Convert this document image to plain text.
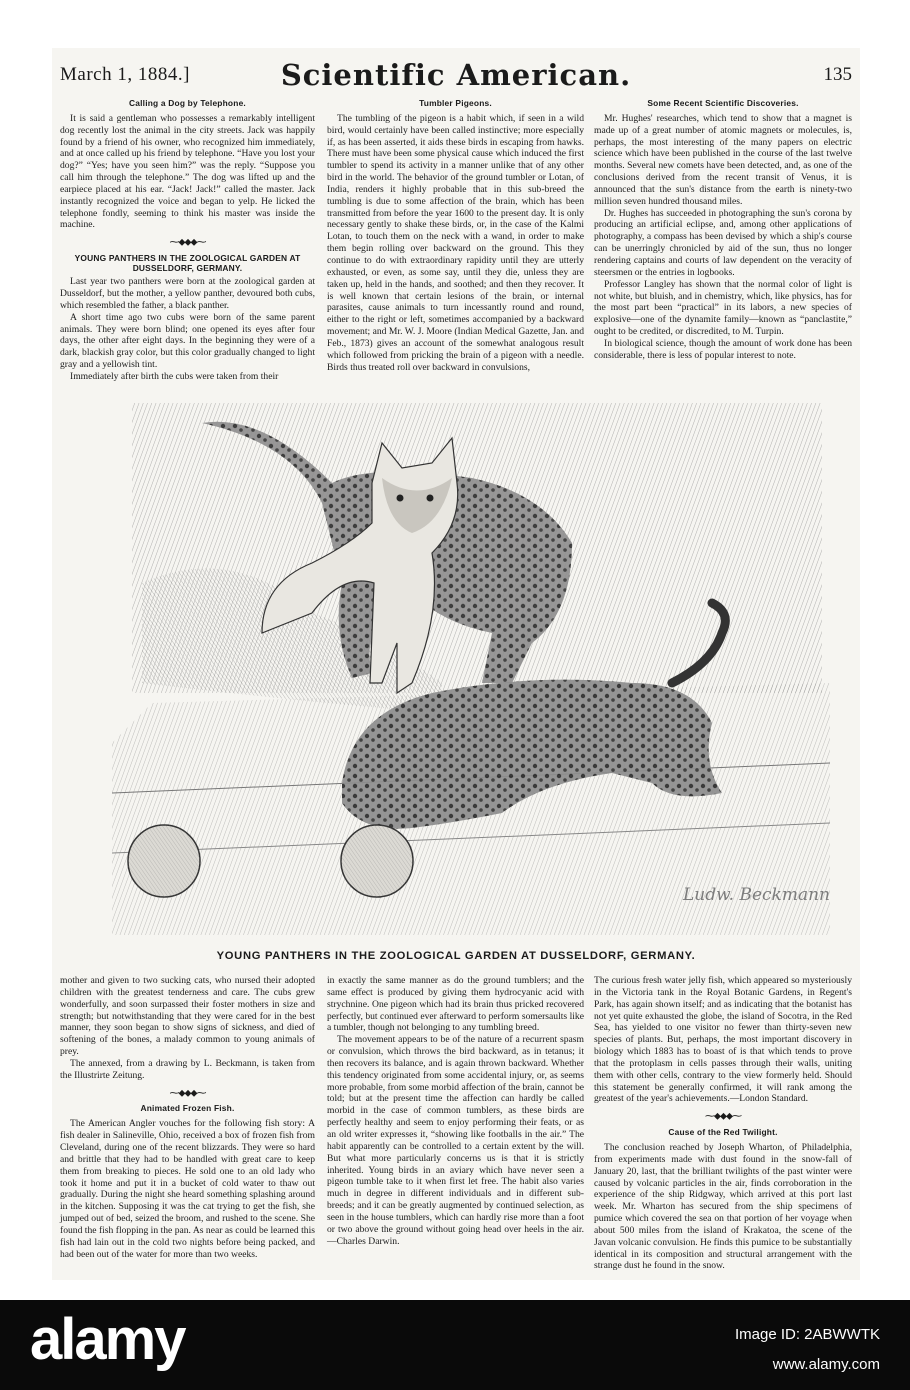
March 1, 1884.]	Scientific American.	135
Calling a Dog by Telephone.

It is said a gentleman who possesses a remarkably intelligent dog recently lost the animal in the city streets. Jack was happily found by a friend of his owner, who recognized him immediately, and at once called up his friend by telephone. “Have you lost your dog?” “Yes; have you seen him?” was the reply. “Suppose you call him through the telephone.” The dog was lifted up and the earpiece placed at his ear. “Jack! Jack!” called the master. Jack instantly recognized the voice and began to yelp. He licked the telephone fondly, seeming to think his master was inside the machine.

⁓⬥⬥⬥⁓
YOUNG PANTHERS IN THE ZOOLOGICAL GARDEN AT DUSSELDORF, GERMANY.

Last year two panthers were born at the zoological garden at Dusseldorf, but the mother, a yellow panther, devoured both cubs, which resembled the father, a black panther.

A short time ago two cubs were born of the same parent animals. They were born blind; one opened its eyes after four days, the other after eight days. In the beginning they were of a dark, blackish gray color, but this color gradually changed to light gray and a yellowish tint.

Immediately after birth the cubs were taken from their

Tumbler Pigeons.

The tumbling of the pigeon is a habit which, if seen in a wild bird, would certainly have been called instinctive; more especially if, as has been asserted, it aids these birds in escaping from hawks. There must have been some physical cause which induced the first tumbler to spend its activity in a manner unlike that of any other bird in the world. The behavior of the ground tumbler or Lotan, of India, renders it highly probable that in this sub-breed the tumbling is due to some affection of the brain, which has been transmitted from before the year 1600 to the present day. It is only necessary gently to shake these birds, or, in the case of the Kalmi Lotan, to touch them on the neck with a wand, in order to make them begin rolling over backward on the ground. This they continue to do with extraordinary rapidity until they are utterly exhausted, or even, as some say, until they die, unless they are taken up, held in the hands, and soothed; and then they recover. It is well known that certain lesions of the brain, or internal parasites, cause animals to turn incessantly round and round, either to the right or left, sometimes accompanied by a backward movement; and Mr. W. J. Moore (Indian Medical Gazette, Jan. and Feb., 1873) gives an account of the somewhat analogous result which followed from pricking the brain of a pigeon with a needle. Birds thus treated roll over backward in convulsions,

Some Recent Scientific Discoveries.

Mr. Hughes' researches, which tend to show that a magnet is made up of a great number of atomic magnets or molecules, is, perhaps, the most interesting of the many papers on electric science which have been published in the course of the last twelve months. Several new comets have been detected, and, as one of the conclusions derived from the recent transit of Venus, it is announced that the sun's distance from the earth is ninety-two million seven hundred thousand miles.

Dr. Hughes has succeeded in photographing the sun's corona by producing an artificial eclipse, and, among other applications of photography, a compass has been devised by which a ship's course can be unerringly chronicled by aid of the sun, thus no longer rendering captains and courts of law dependent on the veracity of steersmen or the entries in logbooks.

Professor Langley has shown that the normal color of light is not white, but bluish, and in chemistry, which, like physics, has for the most part been “practical” in its labors, a new species of explosive—one of the dynamite family—known as “panclastite,” ought to be credited, or discredited, to M. Turpin.

In biological science, though the amount of work done has been considerable, there is less of popular interest to note.

Ludw. Beckmann
YOUNG PANTHERS IN THE ZOOLOGICAL GARDEN AT DUSSELDORF, GERMANY.

mother and given to two sucking cats, who nursed their adopted children with the greatest tenderness and care. The cubs grew wonderfully, and soon surpassed their foster mothers in size and strength; but notwithstanding that they were cared for in the best manner, they soon began to show signs of sickness, and died of softening of the bones, a malady common to young animals of prey.

The annexed, from a drawing by L. Beckmann, is taken from the Illustrirte Zeitung.

⁓⬥⬥⬥⁓
Animated Frozen Fish.

The American Angler vouches for the following fish story: A fish dealer in Salineville, Ohio, received a box of frozen fish from Cleveland, during one of the recent blizzards. They were so hard and brittle that they had to be handled with great care to keep them from breaking to pieces. He sold one to an old lady who took it home and put it in a bucket of cold water to thaw out gradually. During the night she heard something splashing around in the kitchen. Supposing it was the cat trying to get the fish, she jumped out of bed, seized the broom, and rushed to the scene. She found the fish flopping in the pan. As near as could be learned this fish had lain out in the cold two nights before being packed, and had been out of the water for more than two weeks.

in exactly the same manner as do the ground tumblers; and the same effect is produced by giving them hydrocyanic acid with strychnine. One pigeon which had its brain thus pricked recovered perfectly, but continued ever afterward to perform somersaults like a tumbler, though not belonging to any tumbling breed.

The movement appears to be of the nature of a recurrent spasm or convulsion, which throws the bird backward, as in tetanus; it then recovers its balance, and is again thrown backward. Whether this tendency originated from some accidental injury, or, as seems more probable, from some morbid affection of the brain, cannot be told; but at the present time the affection can hardly be called morbid in the case of common tumblers, as these birds are perfectly healthy and seem to enjoy performing their feats, or as an old writer expresses it, “showing like footballs in the air.” The habit apparently can be controlled to a certain extent by the will. But what more particularly concerns us is that it is strictly inherited. Young birds in an aviary which have never seen a pigeon tumble take to it when first let free. The habit also varies much in degree in different individuals and in different sub-breeds; and it can be greatly augmented by continued selection, as seen in the house tumblers, which can hardly rise more than a foot or two above the ground without going head over heels in the air.—Charles Darwin.

The curious fresh water jelly fish, which appeared so mysteriously in the Victoria tank in the Royal Botanic Gardens, in Regent's Park, has again shown itself; and as indicating that the botanist has not yet quite exhausted the globe, the island of Socotra, in the Red Sea, has yielded to one visitor no fewer than thirty-seven new species of plants. But, perhaps, the most important discovery in biology which 1883 has to boast of is that which tends to prove that the protoplasm in cells passes through their walls, uniting them with other cells, contrary to the view formerly held. Should this statement be generally confirmed, it will rank among the greatest of the year's achievements.—London Standard.

⁓⬥⬥⬥⁓
Cause of the Red Twilight.

The conclusion reached by Joseph Wharton, of Philadelphia, from experiments made with dust found in the snow-fall of January 20, last, that the brilliant twilights of the past winter were caused by volcanic particles in the air, finds corroboration in the experience of the ship Ridgway, which arrived at this port last week. Mr. Wharton has secured from the ship specimens of pumice which covered the sea on that portion of her voyage when about 500 miles from the island of Krakatoa, the scene of the Javan volcanic convulsion. He finds this pumice to be substantially identical in its composition and structural arrangement with the strange dust he found in the snow.

alamy	Image ID: 2ABWWTK
www.alamy.com
